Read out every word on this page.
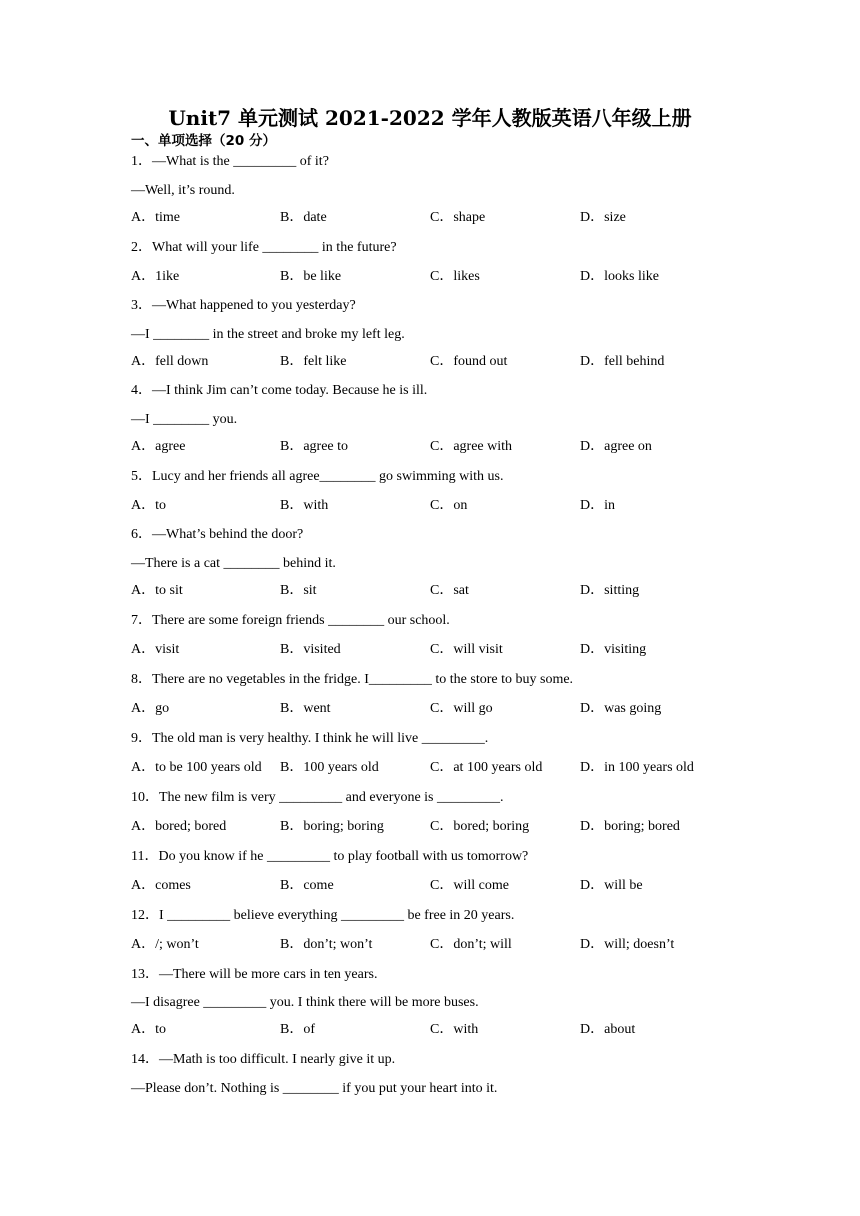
Unit7 单元测试 2021-2022 学年人教版英语八年级上册
一、单项选择（20 分）
1．—What is the _________ of it?
—Well, it’s round.
A．time	B．date	C．shape	D．size
2．What will your life ________ in the future?
A．1ike	B．be like	C．likes	D．looks like
3．—What happened to you yesterday?
—I ________ in the street and broke my left leg.
A．fell down	B．felt like	C．found out	D．fell behind
4．—I think Jim can’t come today. Because he is ill.
—I ________ you.
A．agree	B．agree to	C．agree with	D．agree on
5．Lucy and her friends all agree________ go swimming with us.
A．to	B．with	C．on	D．in
6．—What’s behind the door?
—There is a cat ________ behind it.
A．to sit	B．sit	C．sat	D．sitting
7．There are some foreign friends ________ our school.
A．visit	B．visited	C．will visit	D．visiting
8．There are no vegetables in the fridge. I_________ to the store to buy some.
A．go	B．went	C．will go	D．was going
9．The old man is very healthy. I think he will live _________.
A．to be 100 years old B．100 years old	C．at 100 years old	D．in 100 years old
10．The new film is very _________ and everyone is _________.
A．bored; bored	B．boring; boring	C．bored; boring	D．boring; bored
11．Do you know if he _________ to play football with us tomorrow?
A．comes	B．come	C．will come	D．will be
12．I _________ believe everything _________ be free in 20 years.
A．/; won’t	B．don’t; won’t	C．don’t; will	D．will; doesn’t
13．—There will be more cars in ten years.
—I disagree _________ you. I think there will be more buses.
A．to	B．of	C．with	D．about
14．—Math is too difficult. I nearly give it up.
—Please don’t. Nothing is ________ if you put your heart into it.
